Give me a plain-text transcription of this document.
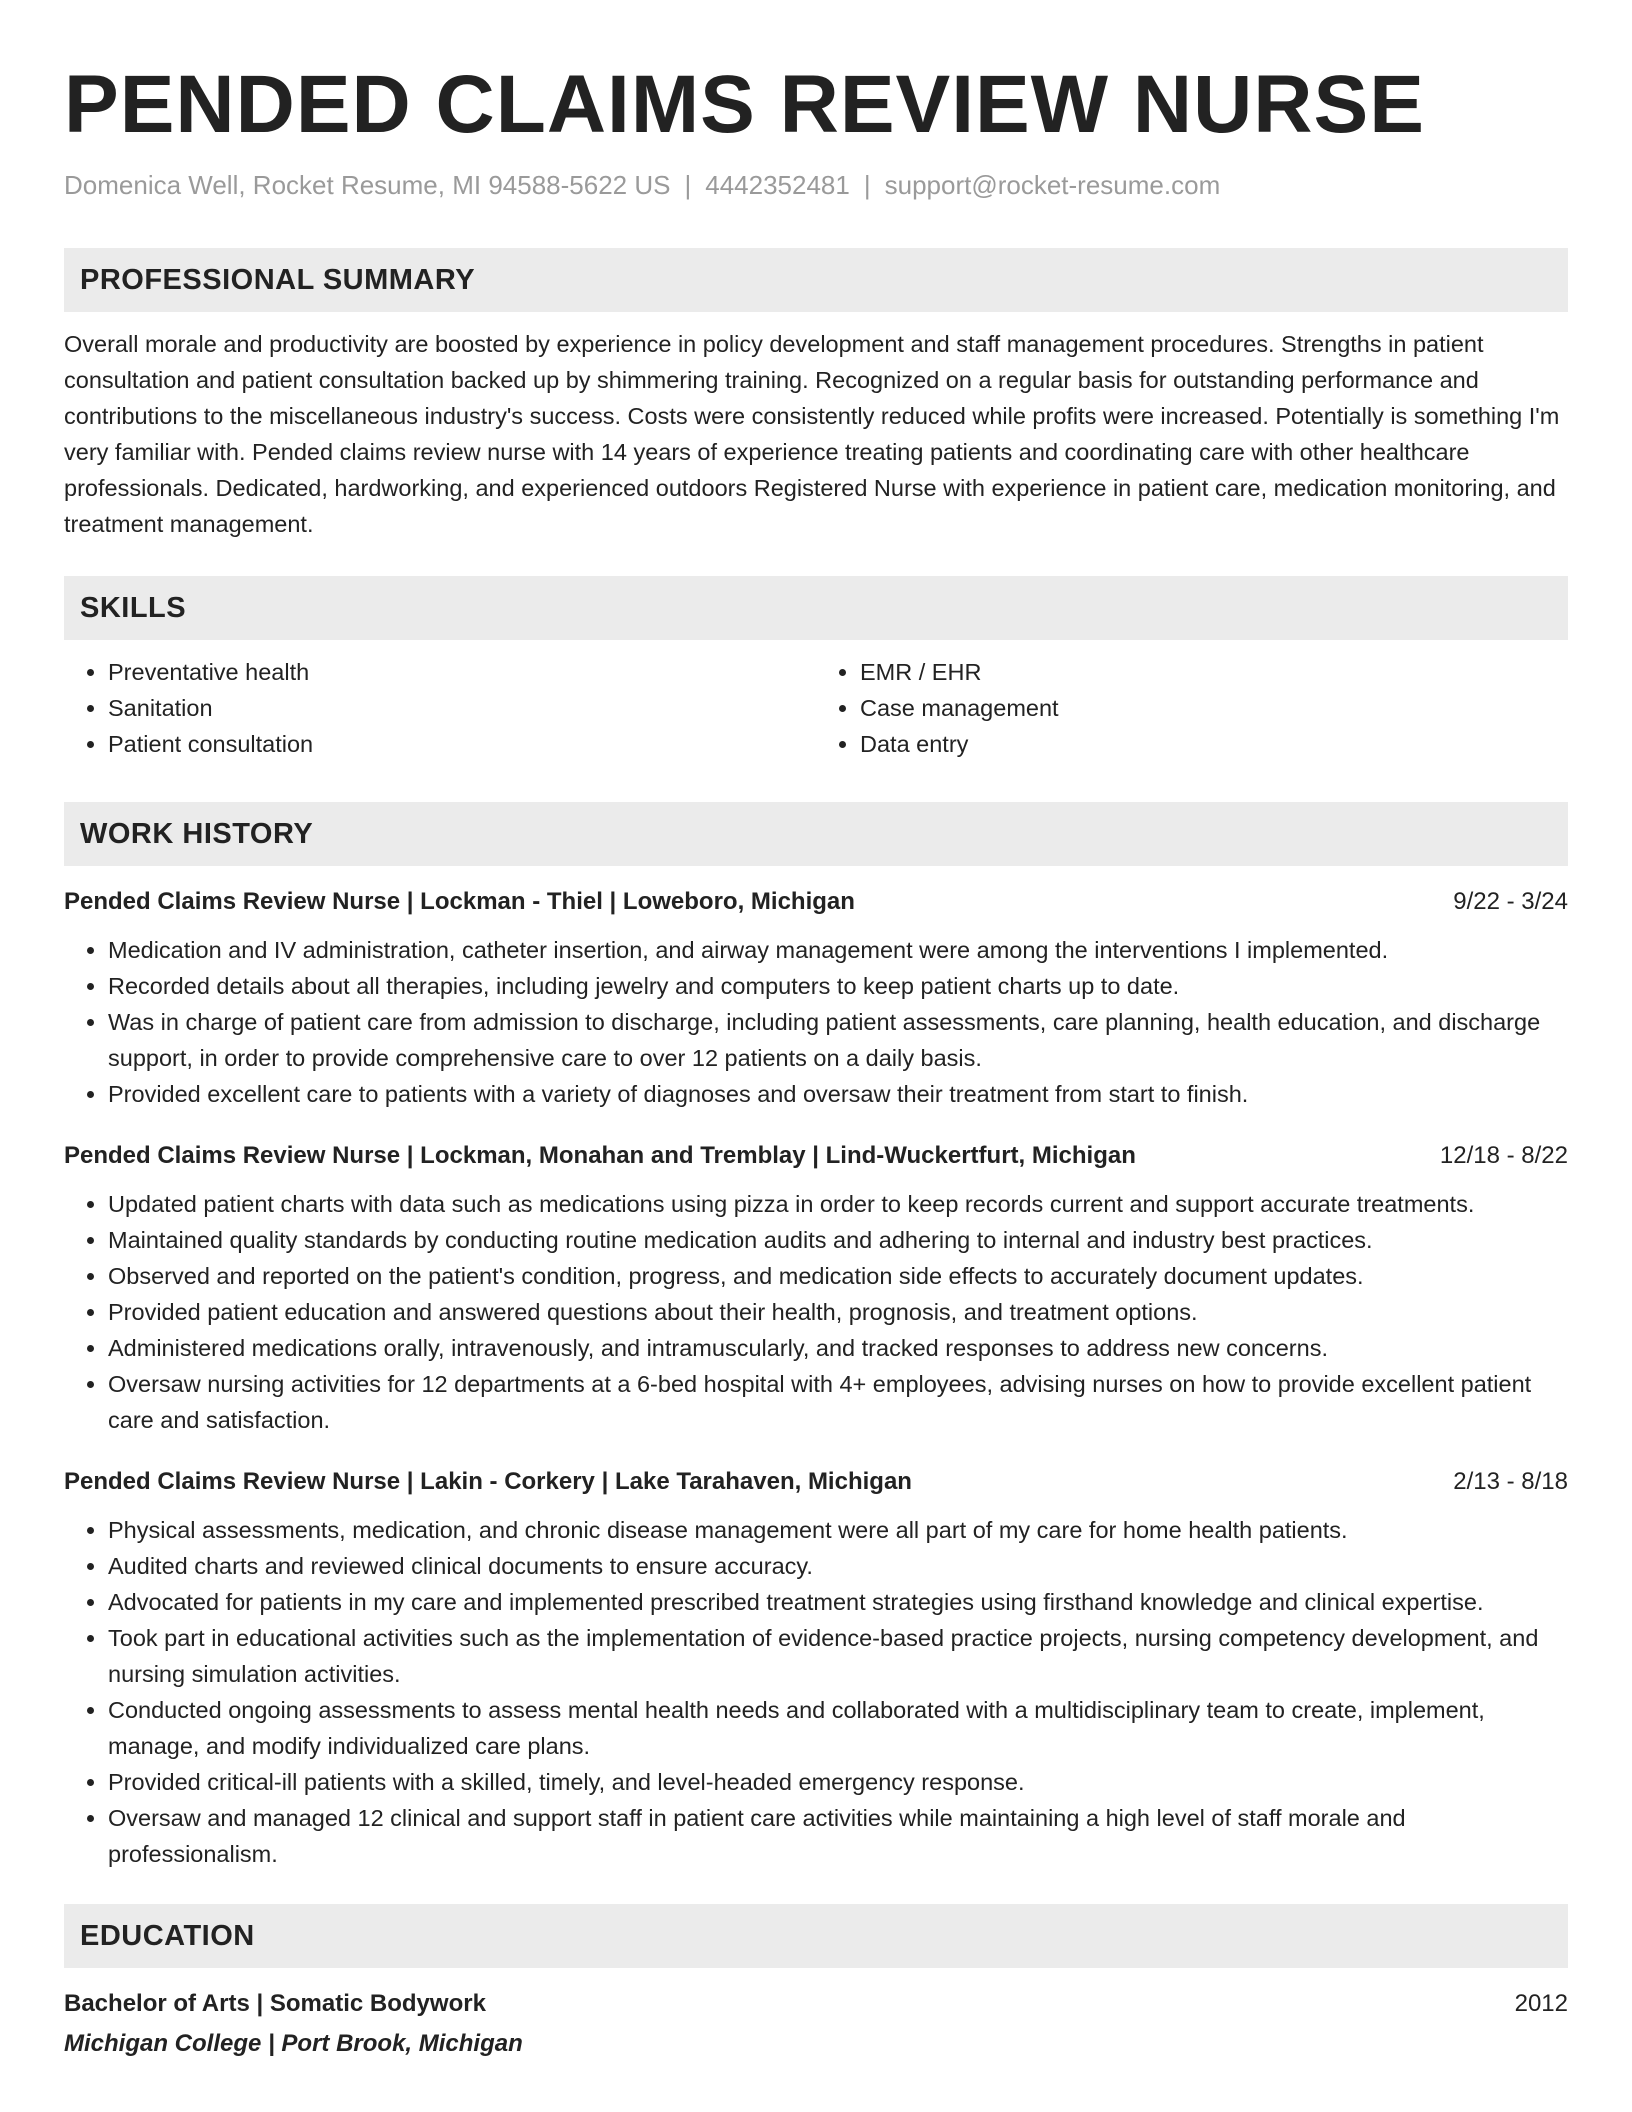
PENDED CLAIMS REVIEW NURSE
Domenica Well, Rocket Resume, MI 94588-5622 US | 4442352481 | support@rocket-resume.com
PROFESSIONAL SUMMARY

Overall morale and productivity are boosted by experience in policy development and staff management procedures. Strengths in patient consultation and patient consultation backed up by shimmering training. Recognized on a regular basis for outstanding performance and contributions to the miscellaneous industry's success. Costs were consistently reduced while profits were increased. Potentially is something I'm very familiar with. Pended claims review nurse with 14 years of experience treating patients and coordinating care with other healthcare professionals. Dedicated, hardworking, and experienced outdoors Registered Nurse with experience in patient care, medication monitoring, and treatment management.

SKILLS
• Preventative health
• Sanitation
• Patient consultation
• EMR / EHR
• Case management
• Data entry
WORK HISTORY
Pended Claims Review Nurse | Lockman - Thiel | Loweboro, Michigan	9/22 - 3/24
• Medication and IV administration, catheter insertion, and airway management were among the interventions I implemented.
• Recorded details about all therapies, including jewelry and computers to keep patient charts up to date.
• Was in charge of patient care from admission to discharge, including patient assessments, care planning, health education, and discharge support, in order to provide comprehensive care to over 12 patients on a daily basis.
• Provided excellent care to patients with a variety of diagnoses and oversaw their treatment from start to finish.
Pended Claims Review Nurse | Lockman, Monahan and Tremblay | Lind-Wuckertfurt, Michigan	12/18 - 8/22
• Updated patient charts with data such as medications using pizza in order to keep records current and support accurate treatments.
• Maintained quality standards by conducting routine medication audits and adhering to internal and industry best practices.
• Observed and reported on the patient's condition, progress, and medication side effects to accurately document updates.
• Provided patient education and answered questions about their health, prognosis, and treatment options.
• Administered medications orally, intravenously, and intramuscularly, and tracked responses to address new concerns.
• Oversaw nursing activities for 12 departments at a 6-bed hospital with 4+ employees, advising nurses on how to provide excellent patient care and satisfaction.
Pended Claims Review Nurse | Lakin - Corkery | Lake Tarahaven, Michigan	2/13 - 8/18
• Physical assessments, medication, and chronic disease management were all part of my care for home health patients.
• Audited charts and reviewed clinical documents to ensure accuracy.
• Advocated for patients in my care and implemented prescribed treatment strategies using firsthand knowledge and clinical expertise.
• Took part in educational activities such as the implementation of evidence-based practice projects, nursing competency development, and nursing simulation activities.
• Conducted ongoing assessments to assess mental health needs and collaborated with a multidisciplinary team to create, implement, manage, and modify individualized care plans.
• Provided critical-ill patients with a skilled, timely, and level-headed emergency response.
• Oversaw and managed 12 clinical and support staff in patient care activities while maintaining a high level of staff morale and professionalism.
EDUCATION
Bachelor of Arts | Somatic Bodywork	2012
Michigan College | Port Brook, Michigan
